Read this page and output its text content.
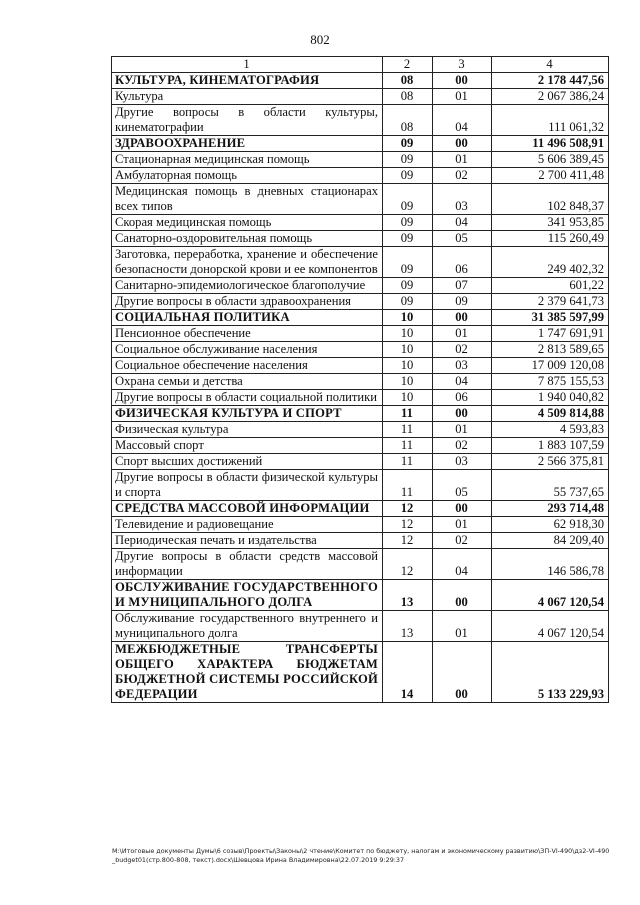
802
1	2	3	4
КУЛЬТУРА, КИНЕМАТОГРАФИЯ	08	00	2 178 447,56
Культура	08	01	2 067 386,24
Другие вопросы в области культуры, кинематографии	08	04	111 061,32
ЗДРАВООХРАНЕНИЕ	09	00	11 496 508,91
Стационарная медицинская помощь	09	01	5 606 389,45
Амбулаторная помощь	09	02	2 700 411,48
Медицинская помощь в дневных стационарах всех типов	09	03	102 848,37
Скорая медицинская помощь	09	04	341 953,85
Санаторно-оздоровительная помощь	09	05	115 260,49
Заготовка, переработка, хранение и обеспечение безопасности донорской крови и ее компонентов	09	06	249 402,32
Санитарно-эпидемиологическое благополучие	09	07	601,22
Другие вопросы в области здравоохранения	09	09	2 379 641,73
СОЦИАЛЬНАЯ ПОЛИТИКА	10	00	31 385 597,99
Пенсионное обеспечение	10	01	1 747 691,91
Социальное обслуживание населения	10	02	2 813 589,65
Социальное обеспечение населения	10	03	17 009 120,08
Охрана семьи и детства	10	04	7 875 155,53
Другие вопросы в области социальной политики	10	06	1 940 040,82
ФИЗИЧЕСКАЯ КУЛЬТУРА И СПОРТ	11	00	4 509 814,88
Физическая культура	11	01	4 593,83
Массовый спорт	11	02	1 883 107,59
Спорт высших достижений	11	03	2 566 375,81
Другие вопросы в области физической культуры и спорта	11	05	55 737,65
СРЕДСТВА МАССОВОЙ ИНФОРМАЦИИ	12	00	293 714,48
Телевидение и радиовещание	12	01	62 918,30
Периодическая печать и издательства	12	02	84 209,40
Другие вопросы в области средств массовой информации	12	04	146 586,78
ОБСЛУЖИВАНИЕ ГОСУДАРСТВЕННОГО И МУНИЦИПАЛЬНОГО ДОЛГА	13	00	4 067 120,54
Обслуживание государственного внутреннего и муниципального долга	13	01	4 067 120,54
МЕЖБЮДЖЕТНЫЕ ТРАНСФЕРТЫ ОБЩЕГО ХАРАКТЕРА БЮДЖЕТАМ БЮДЖЕТНОЙ СИСТЕМЫ РОССИЙСКОЙ ФЕДЕРАЦИИ	14	00	5 133 229,93
M:\Итоговые документы Думы\6 созыв\Проекты\Законы\2 чтение\Комитет по бюджету, налогам и экономическому развитию\ЗП-VI-490\дз2-VI-490_budget01(стр.800-808, текст).docx\Шевцова Ирина Владимировна\22.07.2019 9:29:37
